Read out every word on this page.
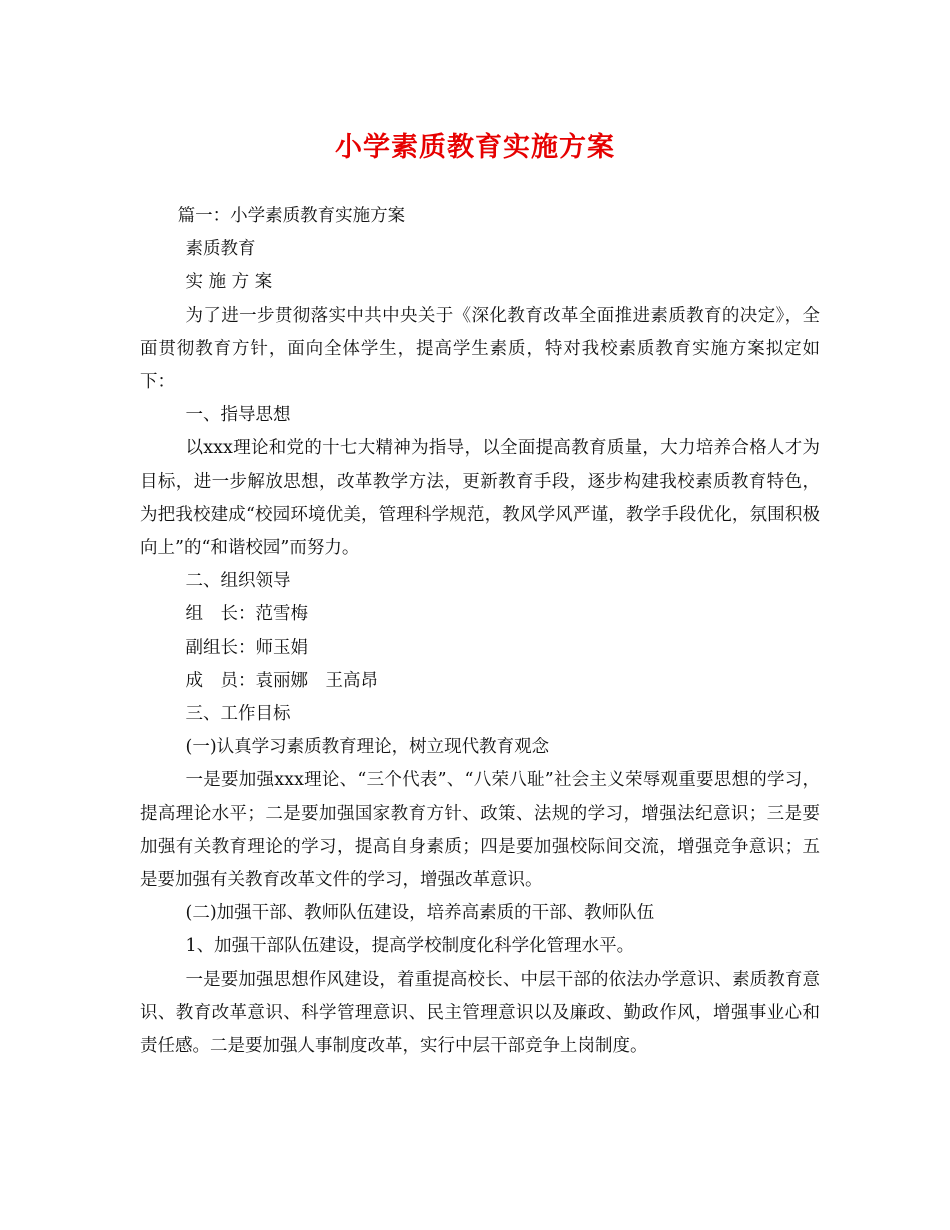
小学素质教育实施方案

篇一：小学素质教育实施方案

素质教育

实 施 方 案

为了进一步贯彻落实中共中央关于《深化教育改革全面推进素质教育的决定》，全面贯彻教育方针，面向全体学生，提高学生素质，特对我校素质教育实施方案拟定如下：

一、指导思想

以xxx理论和党的十七大精神为指导，以全面提高教育质量，大力培养合格人才为目标，进一步解放思想，改革教学方法，更新教育手段，逐步构建我校素质教育特色，为把我校建成“校园环境优美，管理科学规范，教风学风严谨，教学手段优化，氛围积极向上”的“和谐校园”而努力。

二、组织领导

组　长：范雪梅

副组长：师玉娟

成　员：袁丽娜　王高昂

三、工作目标

(一)认真学习素质教育理论，树立现代教育观念

一是要加强xxx理论、“三个代表”、“八荣八耻”社会主义荣辱观重要思想的学习，提高理论水平；二是要加强国家教育方针、政策、法规的学习，增强法纪意识；三是要加强有关教育理论的学习，提高自身素质；四是要加强校际间交流，增强竞争意识；五是要加强有关教育改革文件的学习，增强改革意识。

(二)加强干部、教师队伍建设，培养高素质的干部、教师队伍

1、加强干部队伍建设，提高学校制度化科学化管理水平。

一是要加强思想作风建设，着重提高校长、中层干部的依法办学意识、素质教育意识、教育改革意识、科学管理意识、民主管理意识以及廉政、勤政作风，增强事业心和责任感。二是要加强人事制度改革，实行中层干部竞争上岗制度。
